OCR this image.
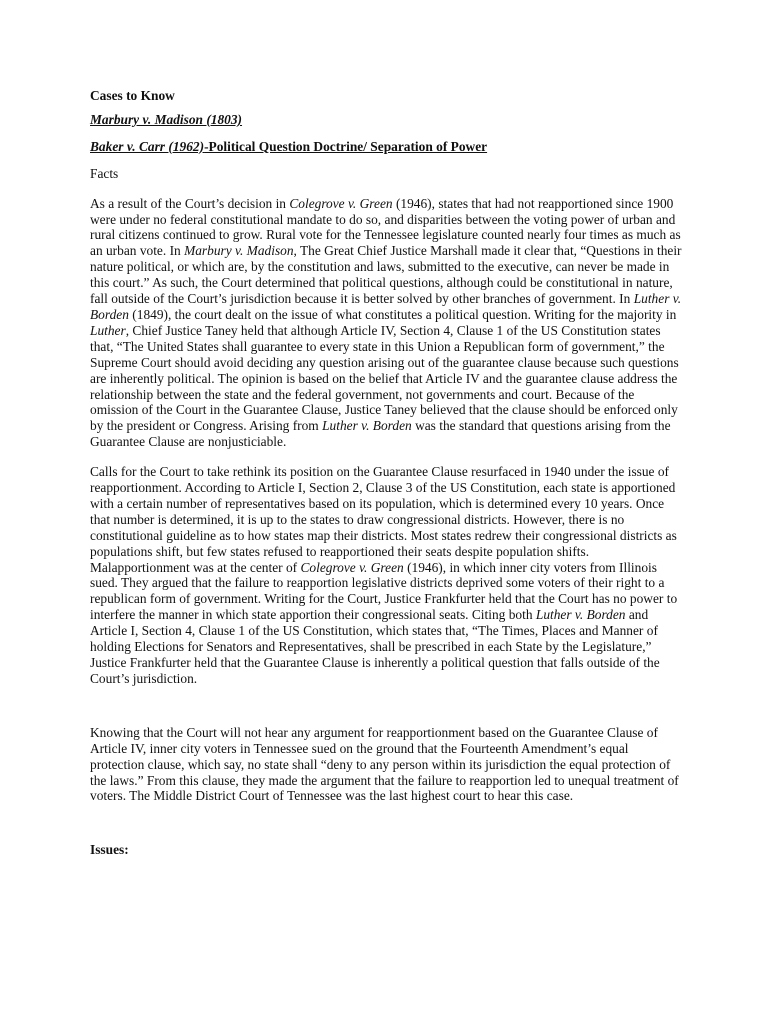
Cases to Know

Marbury v. Madison (1803)

Baker v. Carr (1962)-Political Question Doctrine/ Separation of Power

Facts

As a result of the Court’s decision in Colegrove v. Green (1946), states that had not reapportioned since 1900 were under no federal constitutional mandate to do so, and disparities between the voting power of urban and rural citizens continued to grow. Rural vote for the Tennessee legislature counted nearly four times as much as an urban vote. In Marbury v. Madison, The Great Chief Justice Marshall made it clear that, “Questions in their nature political, or which are, by the constitution and laws, submitted to the executive, can never be made in this court.” As such, the Court determined that political questions, although could be constitutional in nature, fall outside of the Court’s jurisdiction because it is better solved by other branches of government. In Luther v. Borden (1849), the court dealt on the issue of what constitutes a political question. Writing for the majority in Luther, Chief Justice Taney held that although Article IV, Section 4, Clause 1 of the US Constitution states that, “The United States shall guarantee to every state in this Union a Republican form of government,” the Supreme Court should avoid deciding any question arising out of the guarantee clause because such questions are inherently political. The opinion is based on the belief that Article IV and the guarantee clause address the relationship between the state and the federal government, not governments and court. Because of the omission of the Court in the Guarantee Clause, Justice Taney believed that the clause should be enforced only by the president or Congress. Arising from Luther v. Borden was the standard that questions arising from the Guarantee Clause are nonjusticiable.

Calls for the Court to take rethink its position on the Guarantee Clause resurfaced in 1940 under the issue of reapportionment. According to Article I, Section 2, Clause 3 of the US Constitution, each state is apportioned with a certain number of representatives based on its population, which is determined every 10 years. Once that number is determined, it is up to the states to draw congressional districts. However, there is no constitutional guideline as to how states map their districts. Most states redrew their congressional districts as populations shift, but few states refused to reapportioned their seats despite population shifts. Malapportionment was at the center of Colegrove v. Green (1946), in which inner city voters from Illinois sued. They argued that the failure to reapportion legislative districts deprived some voters of their right to a republican form of government. Writing for the Court, Justice Frankfurter held that the Court has no power to interfere the manner in which state apportion their congressional seats. Citing both Luther v. Borden and Article I, Section 4, Clause 1 of the US Constitution, which states that, “The Times, Places and Manner of holding Elections for Senators and Representatives, shall be prescribed in each State by the Legislature,” Justice Frankfurter held that the Guarantee Clause is inherently a political question that falls outside of the Court’s jurisdiction.

Knowing that the Court will not hear any argument for reapportionment based on the Guarantee Clause of Article IV, inner city voters in Tennessee sued on the ground that the Fourteenth Amendment’s equal protection clause, which say, no state shall “deny to any person within its jurisdiction the equal protection of the laws.” From this clause, they made the argument that the failure to reapportion led to unequal treatment of voters. The Middle District Court of Tennessee was the last highest court to hear this case.

Issues:
